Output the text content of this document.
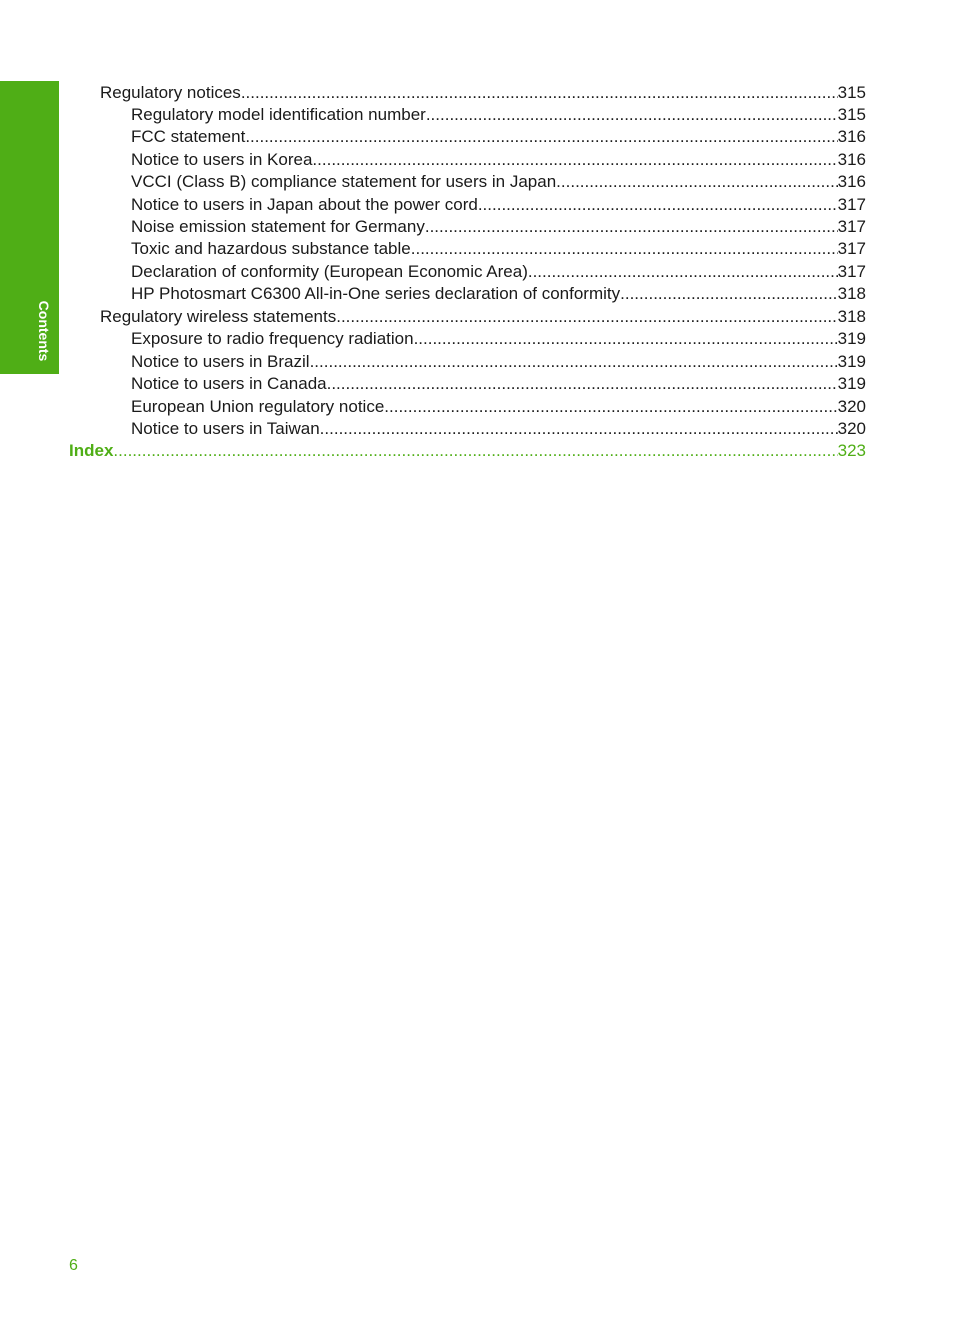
Contents
Regulatory notices .....	315
Regulatory model identification number .....	315
FCC statement .....	316
Notice to users in Korea .....	316
VCCI (Class B) compliance statement for users in Japan .....	316
Notice to users in Japan about the power cord .....	317
Noise emission statement for Germany .....	317
Toxic and hazardous substance table .....	317
Declaration of conformity (European Economic Area) .....	317
HP Photosmart C6300 All-in-One series declaration of conformity .....	318
Regulatory wireless statements .....	318
Exposure to radio frequency radiation .....	319
Notice to users in Brazil .....	319
Notice to users in Canada .....	319
European Union regulatory notice .....	320
Notice to users in Taiwan .....	320
Index .....	323
6
